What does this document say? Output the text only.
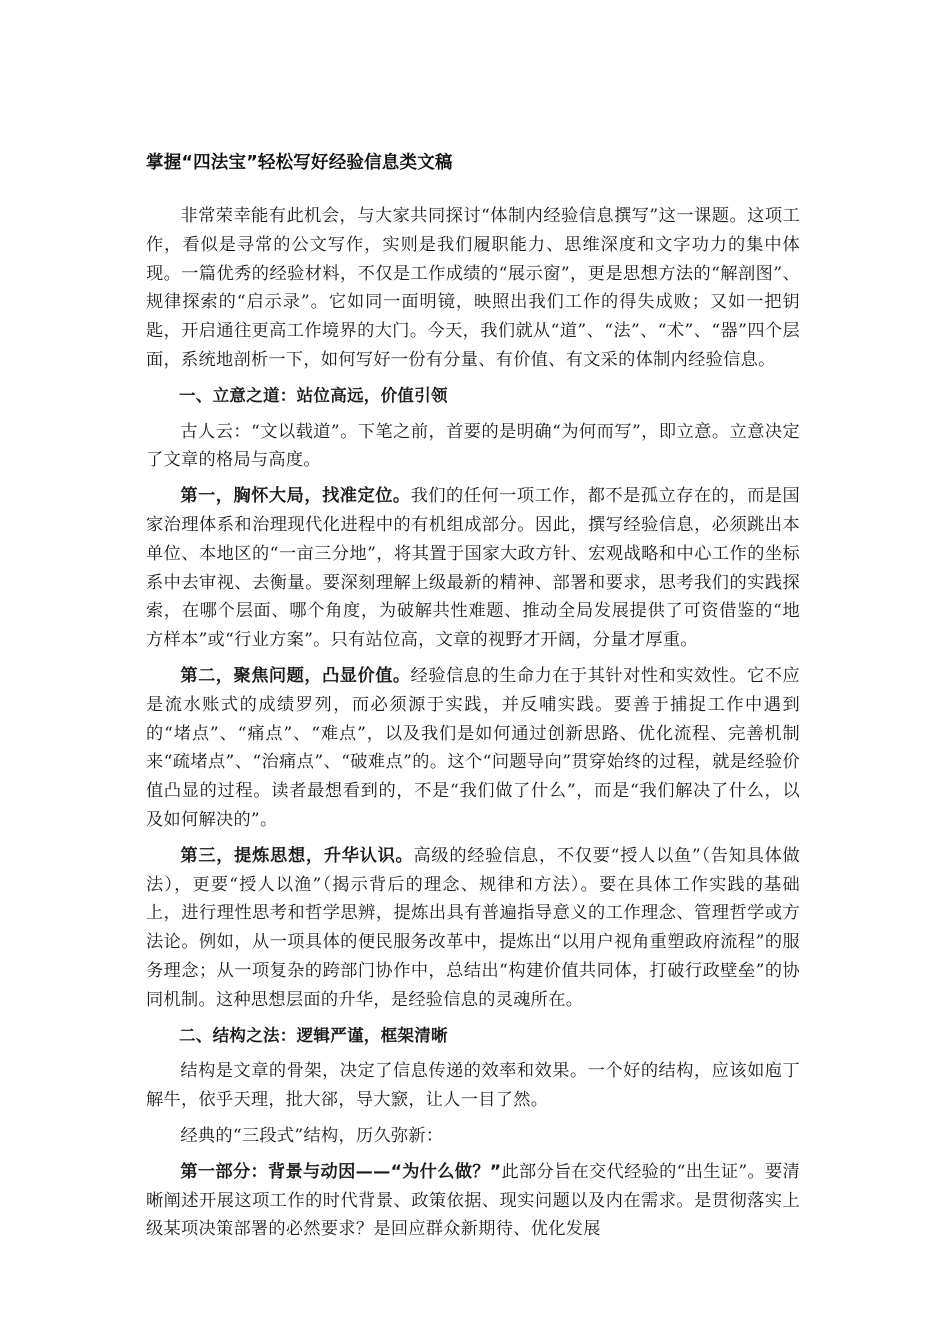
掌握“四法宝”轻松写好经验信息类文稿

非常荣幸能有此机会，与大家共同探讨“体制内经验信息撰写”这一课题。这项工作，看似是寻常的公文写作，实则是我们履职能力、思维深度和文字功力的集中体现。一篇优秀的经验材料，不仅是工作成绩的“展示窗”，更是思想方法的“解剖图”、规律探索的“启示录”。它如同一面明镜，映照出我们工作的得失成败；又如一把钥匙，开启通往更高工作境界的大门。今天，我们就从“道”、“法”、“术”、“器”四个层面，系统地剖析一下，如何写好一份有分量、有价值、有文采的体制内经验信息。

一、立意之道：站位高远，价值引领

古人云：“文以载道”。下笔之前，首要的是明确“为何而写”，即立意。立意决定了文章的格局与高度。

第一，胸怀大局，找准定位。我们的任何一项工作，都不是孤立存在的，而是国家治理体系和治理现代化进程中的有机组成部分。因此，撰写经验信息，必须跳出本单位、本地区的“一亩三分地”，将其置于国家大政方针、宏观战略和中心工作的坐标系中去审视、去衡量。要深刻理解上级最新的精神、部署和要求，思考我们的实践探索，在哪个层面、哪个角度，为破解共性难题、推动全局发展提供了可资借鉴的“地方样本”或“行业方案”。只有站位高，文章的视野才开阔，分量才厚重。

第二，聚焦问题，凸显价值。经验信息的生命力在于其针对性和实效性。它不应是流水账式的成绩罗列，而必须源于实践，并反哺实践。要善于捕捉工作中遇到的“堵点”、“痛点”、“难点”，以及我们是如何通过创新思路、优化流程、完善机制来“疏堵点”、“治痛点”、“破难点”的。这个“问题导向”贯穿始终的过程，就是经验价值凸显的过程。读者最想看到的，不是“我们做了什么”，而是“我们解决了什么，以及如何解决的”。

第三，提炼思想，升华认识。高级的经验信息，不仅要“授人以鱼”（告知具体做法），更要“授人以渔”（揭示背后的理念、规律和方法）。要在具体工作实践的基础上，进行理性思考和哲学思辨，提炼出具有普遍指导意义的工作理念、管理哲学或方法论。例如，从一项具体的便民服务改革中，提炼出“以用户视角重塑政府流程”的服务理念；从一项复杂的跨部门协作中，总结出“构建价值共同体，打破行政壁垒”的协同机制。这种思想层面的升华，是经验信息的灵魂所在。

二、结构之法：逻辑严谨，框架清晰

结构是文章的骨架，决定了信息传递的效率和效果。一个好的结构，应该如庖丁解牛，依乎天理，批大郤，导大窾，让人一目了然。

经典的“三段式”结构，历久弥新：

第一部分：背景与动因——“为什么做？”此部分旨在交代经验的“出生证”。要清晰阐述开展这项工作的时代背景、政策依据、现实问题以及内在需求。是贯彻落实上级某项决策部署的必然要求？是回应群众新期待、优化发展
